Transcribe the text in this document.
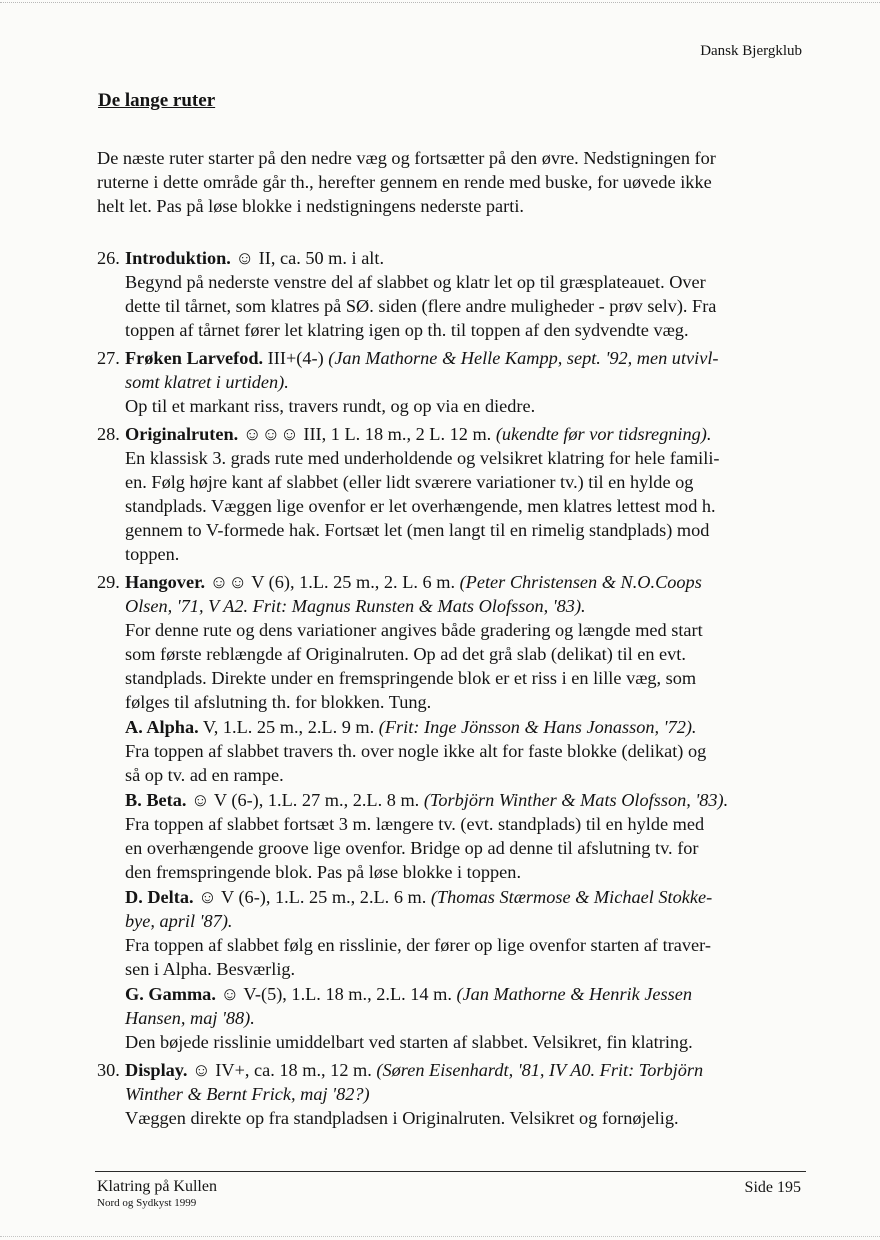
Dansk Bjergklub
De lange ruter

De næste ruter starter på den nedre væg og fortsætter på den øvre. Nedstigningen for
ruterne i dette område går th., herefter gennem en rende med buske, for uøvede ikke
helt let. Pas på løse blokke i nedstigningens nederste parti.

26. Introduktion. ☺ II, ca. 50 m. i alt.
Begynd på nederste venstre del af slabbet og klatr let op til græsplateauet. Over
dette til tårnet, som klatres på SØ. siden (flere andre muligheder - prøv selv). Fra
toppen af tårnet fører let klatring igen op th. til toppen af den sydvendte væg.
27. Frøken Larvefod. III+(4-) (Jan Mathorne & Helle Kampp, sept. '92, men utvivl-
somt klatret i urtiden).
Op til et markant riss, travers rundt, og op via en diedre.
28. Originalruten. ☺☺☺ III, 1 L. 18 m., 2 L. 12 m. (ukendte før vor tidsregning).
En klassisk 3. grads rute med underholdende og velsikret klatring for hele famili-
en. Følg højre kant af slabbet (eller lidt sværere variationer tv.) til en hylde og
standplads. Væggen lige ovenfor er let overhængende, men klatres lettest mod h.
gennem to V-formede hak. Fortsæt let (men langt til en rimelig standplads) mod
toppen.
29. Hangover. ☺☺ V (6), 1.L. 25 m., 2. L. 6 m. (Peter Christensen & N.O.Coops
Olsen, '71, V A2. Frit: Magnus Runsten & Mats Olofsson, '83).
For denne rute og dens variationer angives både gradering og længde med start
som første reblængde af Originalruten. Op ad det grå slab (delikat) til en evt.
standplads. Direkte under en fremspringende blok er et riss i en lille væg, som
følges til afslutning th. for blokken. Tung.
A. Alpha. V, 1.L. 25 m., 2.L. 9 m. (Frit: Inge Jönsson & Hans Jonasson, '72).
Fra toppen af slabbet travers th. over nogle ikke alt for faste blokke (delikat) og
så op tv. ad en rampe.
B. Beta. ☺ V (6-), 1.L. 27 m., 2.L. 8 m. (Torbjörn Winther & Mats Olofsson, '83).
Fra toppen af slabbet fortsæt 3 m. længere tv. (evt. standplads) til en hylde med
en overhængende groove lige ovenfor. Bridge op ad denne til afslutning tv. for
den fremspringende blok. Pas på løse blokke i toppen.
D. Delta. ☺ V (6-), 1.L. 25 m., 2.L. 6 m. (Thomas Stærmose & Michael Stokke-
bye, april '87).
Fra toppen af slabbet følg en risslinie, der fører op lige ovenfor starten af traver-
sen i Alpha. Besværlig.
G. Gamma. ☺ V-(5), 1.L. 18 m., 2.L. 14 m. (Jan Mathorne & Henrik Jessen
Hansen, maj '88).
Den bøjede risslinie umiddelbart ved starten af slabbet. Velsikret, fin klatring.
30. Display. ☺ IV+, ca. 18 m., 12 m. (Søren Eisenhardt, '81, IV A0. Frit: Torbjörn
Winther & Bernt Frick, maj '82?)
Væggen direkte op fra standpladsen i Originalruten. Velsikret og fornøjelig.
Klatring på Kullen
Nord og Sydkyst 1999
Side 195
